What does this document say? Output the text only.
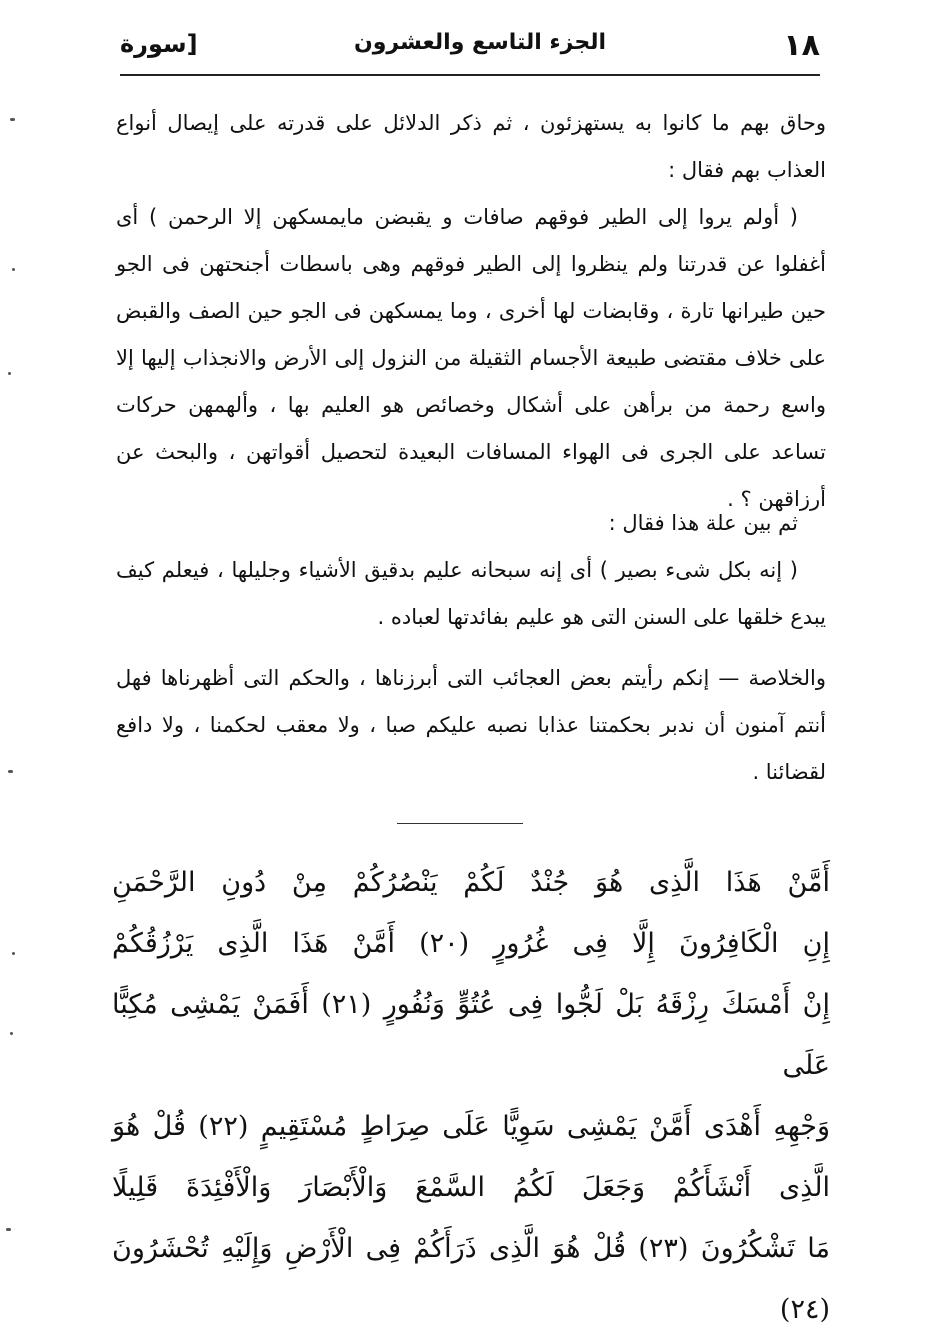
١٨
الجزء التاسع والعشرون
[سورة

وحاق بهم ما كانوا به يستهزئون ، ثم ذكر الدلائل على قدرته على إيصال أنواع العذاب بهم فقال :

( أولم يروا إلى الطير فوقهم صافات و يقبضن مايمسكهن إلا الرحمن ) أى أغفلوا عن قدرتنا ولم ينظروا إلى الطير فوقهم وهى باسطات أجنحتهن فى الجو حين طيرانها تارة ، وقابضات لها أخرى ، وما يمسكهن فى الجو حين الصف والقبض على خلاف مقتضى طبيعة الأجسام الثقيلة من النزول إلى الأرض والانجذاب إليها إلا واسع رحمة من برأهن على أشكال وخصائص هو العليم بها ، وألهمهن حركات تساعد على الجرى فى الهواء المسافات البعيدة لتحصيل أقواتهن ، والبحث عن أرزاقهن ؟ .

ثم بين علة هذا فقال :

( إنه بكل شىء بصير ) أى إنه سبحانه عليم بدقيق الأشياء وجليلها ، فيعلم كيف يبدع خلقها على السنن التى هو عليم بفائدتها لعباده .

والخلاصة — إنكم رأيتم بعض العجائب التى أبرزناها ، والحكم التى أظهرناها فهل أنتم آمنون أن ندبر بحكمتنا عذابا نصبه عليكم صبا ، ولا معقب لحكمنا ، ولا دافع لقضائنا .

أَمَّنْ هَذَا الَّذِى هُوَ جُنْدٌ لَكُمْ يَنْصُرُكُمْ مِنْ دُونِ الرَّحْمَنِ

إِنِ الْكَافِرُونَ إِلَّا فِى غُرُورٍ (٢٠) أَمَّنْ هَذَا الَّذِى يَرْزُقُكُمْ

إِنْ أَمْسَكَ رِزْقَهُ بَلْ لَجُّوا فِى عُتُوٍّ وَنُفُورٍ (٢١) أَفَمَنْ يَمْشِى مُكِبًّا عَلَى

وَجْهِهِ أَهْدَى أَمَّنْ يَمْشِى سَوِيًّا عَلَى صِرَاطٍ مُسْتَقِيمٍ (٢٢) قُلْ هُوَ

الَّذِى أَنْشَأَكُمْ وَجَعَلَ لَكُمُ السَّمْعَ وَالْأَبْصَارَ وَالْأَفْئِدَةَ قَلِيلًا

مَا تَشْكُرُونَ (٢٣) قُلْ هُوَ الَّذِى ذَرَأَكُمْ فِى الْأَرْضِ وَإِلَيْهِ تُحْشَرُونَ (٢٤)
